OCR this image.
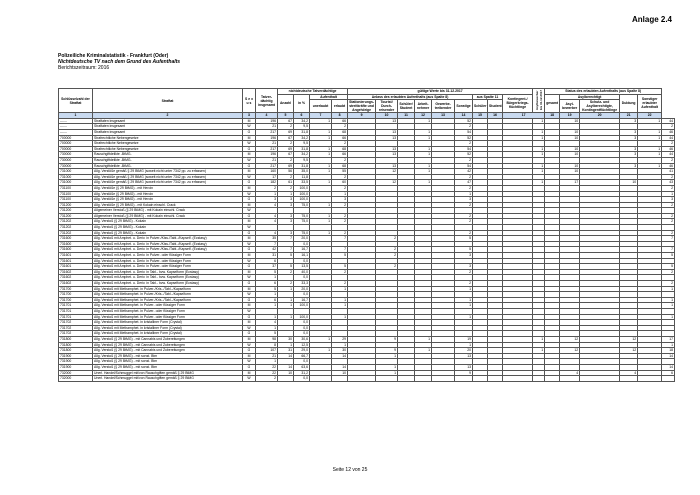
Anlage 2.4
Polizeiliche Kriminalstatistik - Frankfurt (Oder)
Nichtdeutsche TV nach dem Grund des Aufenthalts
Berichtszeitraum: 2016
Schlüsselzahl der Straftat	Straftat	S e x u s	Tatver-dächtig insgesamt	nichtdeutsche Tatverdächtige				gültige Werte bis 31.12.2017									Asylbewerber bis 31.12.2017	Status des erlaubten Aufenthalts (aus Spalte 8)					
				Anzahl	in %	Aufenthalt		Anlass des erlaubten Aufenthalts (aus Spalte 8)						aus Spalte 11		Kontingent-/ Bürgerkriegs-flüchtlinge		gesamt	Asylberechtigt		Duldung	Sonstiger erlaubter Aufenthalt	
						unerlaubt	erlaubt	Stationierungs-streitkräfte und Angehörige	Tourist/ Durch-reisender	Schüler/ Student	Arbeit-nehmer	Gewerbe-treibender	Sonstige	Schüler	Student				Asyl-bewerber	Schutz- und Asylberechtigte, Kontingentflüchtlinge			

1	2	3	4	5	6	7	8	9	10	11	12	13	14	15	16	17		18	19	20	21	22	
------	Straftaten insgesamt	M	196	67	34,2	1	66		13		1		52				1		10		3	1	44
------	Straftaten insgesamt	W	21	2	9,5		2						2										2
------	Straftaten insgesamt	G	217	69	31,8	1	68		13		1		54				1		10		3	1	46
700000	Strafrechtliche Nebengesetze	M	196	67	34,2	1	66		13		1		52				1		10		3	1	44
700000	Strafrechtliche Nebengesetze	W	21	2	9,5		2						2										2
700000	Strafrechtliche Nebengesetze	G	217	69	31,8	1	68		13		1		54				1		10		3	1	46
730000	Rauschgiftdelikte -BtMG-	M	196	67	34,2	1	66		13		1		52				1		10		3	1	44
730000	Rauschgiftdelikte -BtMG-	W	21	2	9,5		2						2										2
730000	Rauschgiftdelikte -BtMG-	G	217	69	31,8	1	68		13		1		54				1		10		3	1	46
731000	Allg. Verstöße gemäß § 29 BtMG (soweit nicht unter 7342 pp. zu erfassen)	M	160	56	35,0	1	55		12		1		42				1		10				41
731000	Allg. Verstöße gemäß § 29 BtMG (soweit nicht unter 7342 pp. zu erfassen)	W	17	2	11,8		2						2										2
731000	Allg. Verstöße gemäß § 29 BtMG (soweit nicht unter 7342 pp. zu erfassen)	G	182	61	33,5	1	60		12		1		47				1		17		10		43
731100	Allg. Verstöße (§ 29 BtMG) - mit Heroin	M	2	2	100,0		2						2										2
731100	Allg. Verstöße (§ 29 BtMG) - mit Heroin	W	1	1	100,0		1						1										1
731100	Allg. Verstöße (§ 29 BtMG) - mit Heroin	G	3	3	100,0		3						3										3
731200	Allg. Verstöße (§ 29 BtMG) - mit Kokain einschl. Crack	M	4	3	75,0	1	2						2										2
731200	Allgemeiner Verstoß (§ 29 BtMG) - mit Kokain einschl. Crack	W																					
731200	Allgemeiner Verstoß (§ 29 BtMG) - mit Kokain einschl. Crack	G	4	3	75,0	1	2						2										2
731202	Allg. Verstoß (§ 29 BtMG) - Kokain	M	4	3	75,0	1	2						2										2
731202	Allg. Verstoß (§ 29 BtMG) - Kokain	W																					
731202	Allg. Verstoß (§ 29 BtMG) - Kokain	G	4	3	75,0	1	2						2										2
731600	Allg. Verstoß mit Amphet. u. Deriv. in Pulver-/Kiss-/Tabl.-/Kapself. (Ecstasy)	M	35	7	20,0		7		2				5										7
731600	Allg. Verstoß mit Amphet. u. Deriv. in Pulver-/Kiss-/Tabl.-/Kapself. (Ecstasy)	W	7		0,0																		
731600	Allg. Verstoß mit Amphet. u. Deriv. in Pulver-/Kiss-/Tabl.-/Kapself. (Ecstasy)	G	42	7	16,7		7		2				5										7
731601	Allg. Verstoß mit Amphet. u. Deriv. in Pulver- oder flüssiger Form	M	31	5	16,1		5		2				3										5
731601	Allg. Verstoß mit Amphet. u. Deriv. in Pulver- oder flüssiger Form	W	6		0,0																		
731601	Allg. Verstoß mit Amphet. u. Deriv. in Pulver- oder flüssiger Form	G	37	5	13,5		5		2				3										5
731602	Allg. Verstoß mit Amphet. u. Deriv. in Tabl.- bzw. Kapselform (Ecstasy)	M	5	2	40,0		2						2										2
731602	Allg. Verstoß mit Amphet. u. Deriv. in Tabl.- bzw. Kapselform (Ecstasy)	W	1		0,0																		
731602	Allg. Verstoß mit Amphet. u. Deriv. in Tabl.- bzw. Kapselform (Ecstasy)	G	6	2	33,3		2						2										2
731700	Allg. Verstoß mit Methamphet. in Pulver-/Kris.-/Tabl.-/Kapselform	M	5	1	20,0		1						1										1
731700	Allg. Verstoß mit Methamphet. in Pulver-/Kris.-/Tabl.-/Kapselform	W	1		0,0																		
731700	Allg. Verstoß mit Methamphet. in Pulver-/Kris.-/Tabl.-/Kapselform	G	6	1	16,7		1						1										1
731701	Allg. Verstoß mit Methamphet. in Pulver- oder flüssiger Form	M	1	1	100,0		1						1										1
731701	Allg. Verstoß mit Methamphet. in Pulver- oder flüssiger Form	W																					
731701	Allg. Verstoß mit Methamphet. in Pulver- oder flüssiger Form	G	1	1	100,0		1						1										1
731702	Allg. Verstoß mit Methamphet. in kristalliner Form (Crystal)	M	4		0,0																		
731702	Allg. Verstoß mit Methamphet. in kristalliner Form (Crystal)	W	1		0,0																		
731702	Allg. Verstoß mit Methamphet. in kristalliner Form (Crystal)	G	5		0,0																		
731800	Allg. Verstoß (§ 29 BtMG) - mit Cannabis und Zubereitungen	M	98	30	30,6	1	29		9		1		19				1		12		12		17
731800	Allg. Verstoß (§ 29 BtMG) - mit Cannabis und Zubereitungen	W	8	1	12,5		1						1										1
731800	Allg. Verstoß (§ 29 BtMG) - mit Cannabis und Zubereitungen	G	107	31	29,0	1	30		9		1		20				1		12		12		18
731900	Allg. Verstoß (§ 29 BtMG) - mit sonst. Btm	M	21	14	66,7		14		1				13										14
731900	Allg. Verstoß (§ 29 BtMG) - mit sonst. Btm	W	1		0,0																		
731900	Allg. Verstoß (§ 29 BtMG) - mit sonst. Btm	G	22	14	63,6		14		1				13										14
732000	Unerl. Handel/Schmuggel mit/von Rauschgiften gemäß § 29 BtMG	M	22	10	31,2		10		1				9						4		4		6
732000	Unerl. Handel/Schmuggel mit/von Rauschgiften gemäß § 29 BtMG	W	2		0,0																		
Seite 12 von 25
